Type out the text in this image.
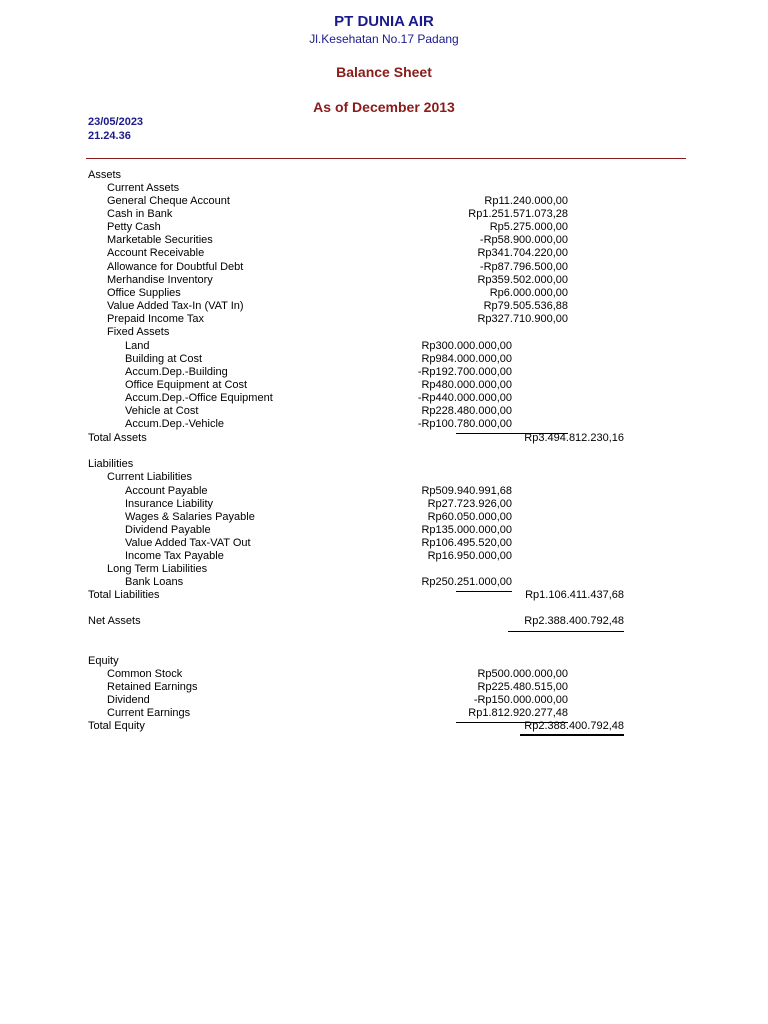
PT DUNIA AIR
Jl.Kesehatan No.17 Padang
Balance Sheet
As of December 2013
23/05/2023
21.24.36
Assets
Current Assets
General Cheque Account	Rp11.240.000,00
Cash in Bank	Rp1.251.571.073,28
Petty Cash	Rp5.275.000,00
Marketable Securities	-Rp58.900.000,00
Account Receivable	Rp341.704.220,00
Allowance for Doubtful Debt	-Rp87.796.500,00
Merhandise Inventory	Rp359.502.000,00
Office Supplies	Rp6.000.000,00
Value Added Tax-In (VAT In)	Rp79.505.536,88
Prepaid Income Tax	Rp327.710.900,00
Fixed Assets
Land	Rp300.000.000,00
Building at Cost	Rp984.000.000,00
Accum.Dep.-Building	-Rp192.700.000,00
Office Equipment at Cost	Rp480.000.000,00
Accum.Dep.-Office Equipment	-Rp440.000.000,00
Vehicle at Cost	Rp228.480.000,00
Accum.Dep.-Vehicle	-Rp100.780.000,00
Total Assets	Rp3.494.812.230,16
Liabilities
Current Liabilities
Account Payable	Rp509.940.991,68
Insurance Liability	Rp27.723.926,00
Wages & Salaries Payable	Rp60.050.000,00
Dividend Payable	Rp135.000.000,00
Value Added Tax-VAT Out	Rp106.495.520,00
Income Tax Payable	Rp16.950.000,00
Long Term Liabilities
Bank Loans	Rp250.251.000,00
Total Liabilities	Rp1.106.411.437,68
Net Assets	Rp2.388.400.792,48
Equity
Common Stock	Rp500.000.000,00
Retained Earnings	Rp225.480.515,00
Dividend	-Rp150.000.000,00
Current Earnings	Rp1.812.920.277,48
Total Equity	Rp2.388.400.792,48
